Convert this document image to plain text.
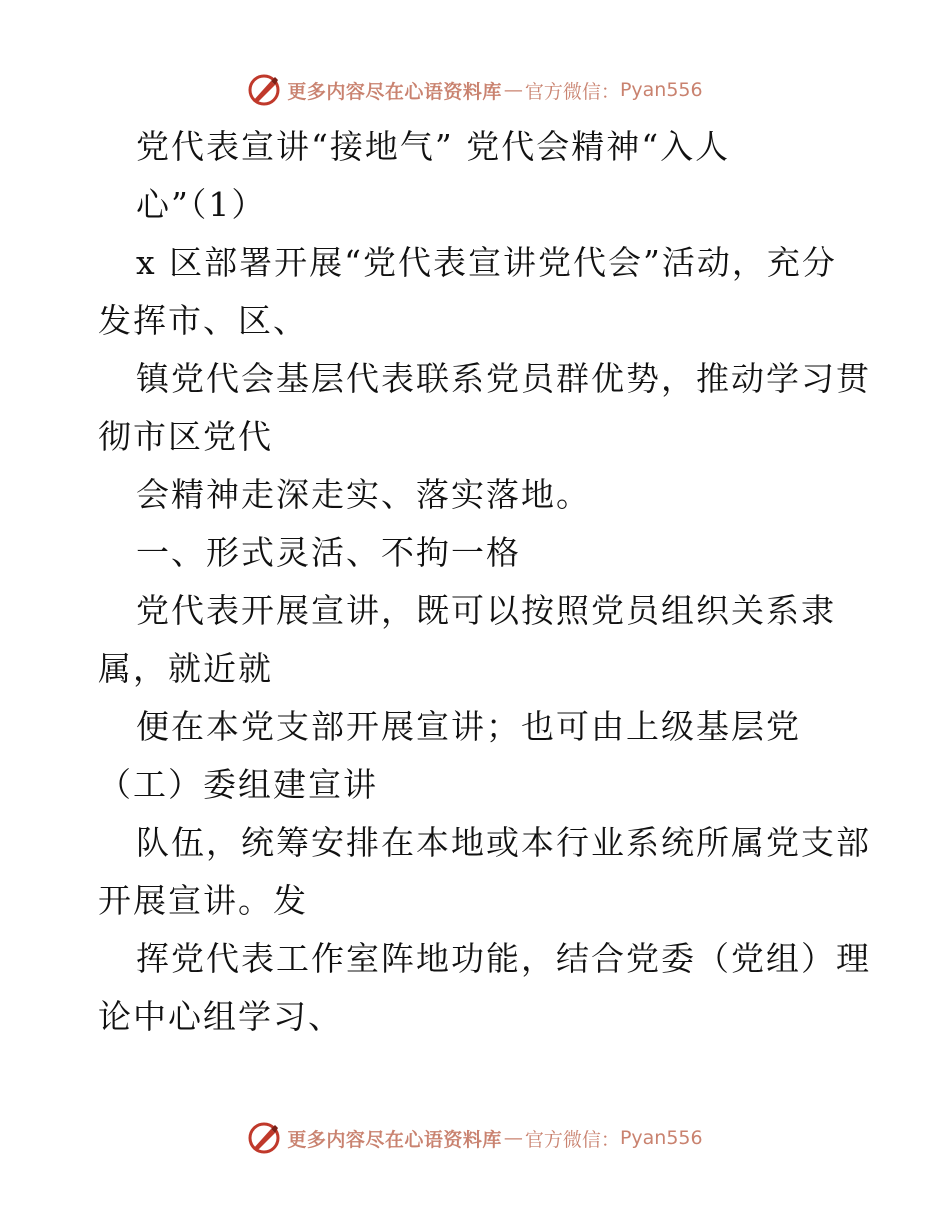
更多内容尽在心语资料库 — 官方微信： Pyan556
党代表宣讲“接地气” 党代会精神“入人
心”（1）
x 区部署开展“党代表宣讲党代会”活动，充分
发挥市、区、
镇党代会基层代表联系党员群优势，推动学习贯
彻市区党代
会精神走深走实、落实落地。
一、形式灵活、不拘一格
党代表开展宣讲，既可以按照党员组织关系隶
属，就近就
便在本党支部开展宣讲；也可由上级基层党
（工）委组建宣讲
队伍，统筹安排在本地或本行业系统所属党支部
开展宣讲。发
挥党代表工作室阵地功能，结合党委（党组）理
论中心组学习、
更多内容尽在心语资料库 — 官方微信： Pyan556
